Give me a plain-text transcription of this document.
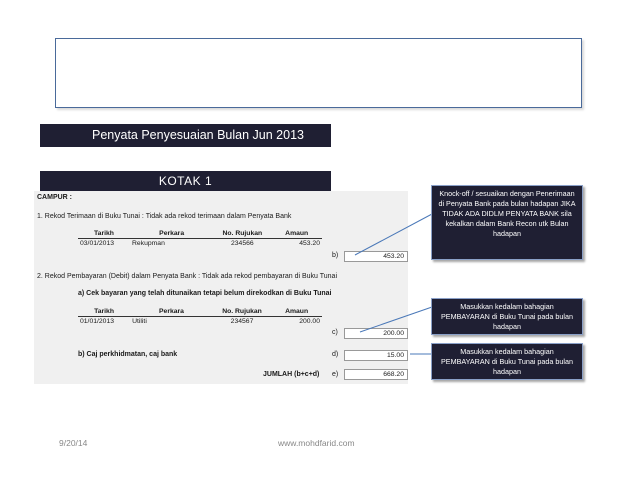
Penyata Penyesuaian Bulan Jun 2013
KOTAK 1
CAMPUR :
1. Rekod Terimaan di Buku Tunai : Tidak ada rekod terimaan dalam Penyata Bank
Tarikh	Perkara	No. Rujukan	Amaun
03/01/2013	Rekupman	234566	453.20
b)	453.20
2. Rekod Pembayaran (Debit) dalam Penyata Bank : Tidak ada rekod pembayaran di Buku Tunai
a) Cek bayaran yang telah ditunaikan tetapi belum direkodkan di Buku Tunai
Tarikh	Perkara	No. Rujukan	Amaun
01/01/2013	Utiliti	234567	200.00
c)	200.00
b) Caj perkhidmatan, caj bank	d)	15.00
JUMLAH (b+c+d) e)	668.20
Knock-off / sesuaikan dengan Penerimaan di Penyata Bank pada bulan hadapan JIKA TIDAK ADA DIDLM PENYATA BANK sila kekalkan dalam Bank Recon utk Bulan hadapan
Masukkan kedalam bahagian PEMBAYARAN di Buku Tunai pada bulan hadapan
Masukkan kedalam bahagian PEMBAYARAN di Buku Tunai pada bulan hadapan
9/20/14	www.mohdfarid.com
